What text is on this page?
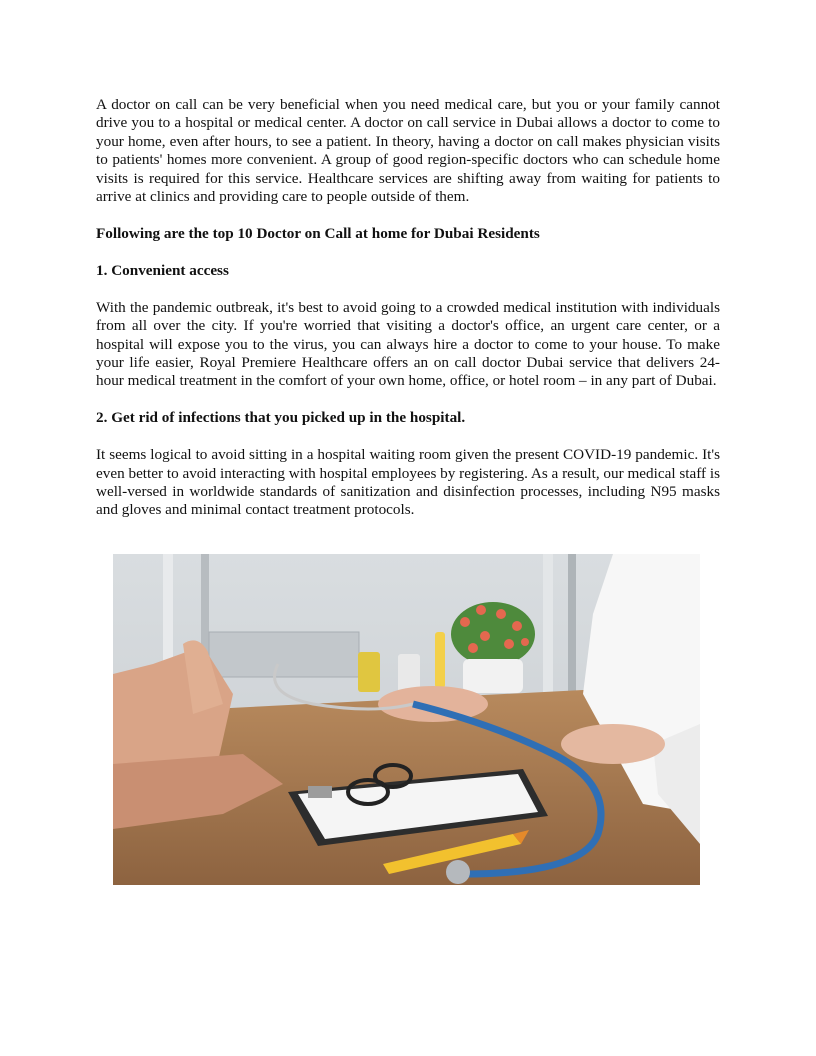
A doctor on call can be very beneficial when you need medical care, but you or your family cannot drive you to a hospital or medical center. A doctor on call service in Dubai allows a doctor to come to your home, even after hours, to see a patient. In theory, having a doctor on call makes physician visits to patients' homes more convenient. A group of good region-specific doctors who can schedule home visits is required for this service. Healthcare services are shifting away from waiting for patients to arrive at clinics and providing care to people outside of them.

Following are the top 10 Doctor on Call at home for Dubai Residents
1. Convenient access

With the pandemic outbreak, it's best to avoid going to a crowded medical institution with individuals from all over the city. If you're worried that visiting a doctor's office, an urgent care center, or a hospital will expose you to the virus, you can always hire a doctor to come to your house. To make your life easier, Royal Premiere Healthcare offers an on call doctor Dubai service that delivers 24-hour medical treatment in the comfort of your own home, office, or hotel room – in any part of Dubai.

2. Get rid of infections that you picked up in the hospital.

It seems logical to avoid sitting in a hospital waiting room given the present COVID-19 pandemic. It's even better to avoid interacting with hospital employees by registering. As a result, our medical staff is well-versed in worldwide standards of sanitization and disinfection processes, including N95 masks and gloves and minimal contact treatment protocols.
